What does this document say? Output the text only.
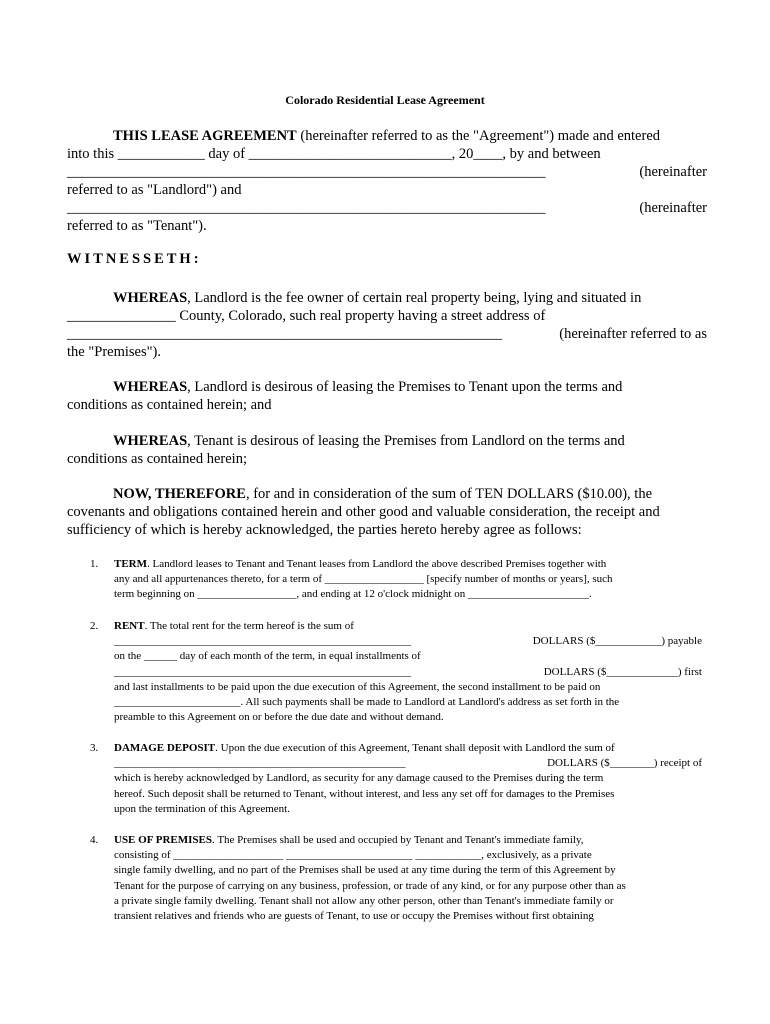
Colorado Residential Lease Agreement

THIS LEASE AGREEMENT (hereinafter referred to as the "Agreement") made and entered

into this ____________ day of ____________________________, 20____, by and between

__________________________________________________________________	(hereinafter

referred to as "Landlord") and

__________________________________________________________________	(hereinafter

referred to as "Tenant").

WITNESSETH:

WHEREAS, Landlord is the fee owner of certain real property being, lying and situated in

_______________ County, Colorado, such real property having a street address of

____________________________________________________________	(hereinafter referred to as

the "Premises").

WHEREAS, Landlord is desirous of leasing the Premises to Tenant upon the terms and

conditions as contained herein; and

WHEREAS, Tenant is desirous of leasing the Premises from Landlord on the terms and

conditions as contained herein;

NOW, THEREFORE, for and in consideration of the sum of TEN DOLLARS ($10.00), the

covenants and obligations contained herein and other good and valuable consideration, the receipt and

sufficiency of which is hereby acknowledged, the parties hereto hereby agree as follows:

1.	TERM. Landlord leases to Tenant and Tenant leases from Landlord the above described Premises together with

any and all appurtenances thereto, for a term of __________________ [specify number of months or years], such

term beginning on __________________, and ending at 12 o'clock midnight on ______________________.

2.	RENT. The total rent for the term hereof is the sum of

______________________________________________________	DOLLARS ($____________) payable

on the ______ day of each month of the term, in equal installments of

______________________________________________________	DOLLARS ($_____________) first

and last installments to be paid upon the due execution of this Agreement, the second installment to be paid on

_______________________. All such payments shall be made to Landlord at Landlord's address as set forth in the

preamble to this Agreement on or before the due date and without demand.

3.	DAMAGE DEPOSIT. Upon the due execution of this Agreement, Tenant shall deposit with Landlord the sum of

_____________________________________________________	DOLLARS ($________) receipt of

which is hereby acknowledged by Landlord, as security for any damage caused to the Premises during the term

hereof. Such deposit shall be returned to Tenant, without interest, and less any set off for damages to the Premises

upon the termination of this Agreement.

4.	USE OF PREMISES. The Premises shall be used and occupied by Tenant and Tenant's immediate family,

consisting of ____________________ _______________________ ____________, exclusively, as a private

single family dwelling, and no part of the Premises shall be used at any time during the term of this Agreement by

Tenant for the purpose of carrying on any business, profession, or trade of any kind, or for any purpose other than as

a private single family dwelling. Tenant shall not allow any other person, other than Tenant's immediate family or

transient relatives and friends who are guests of Tenant, to use or occupy the Premises without first obtaining
